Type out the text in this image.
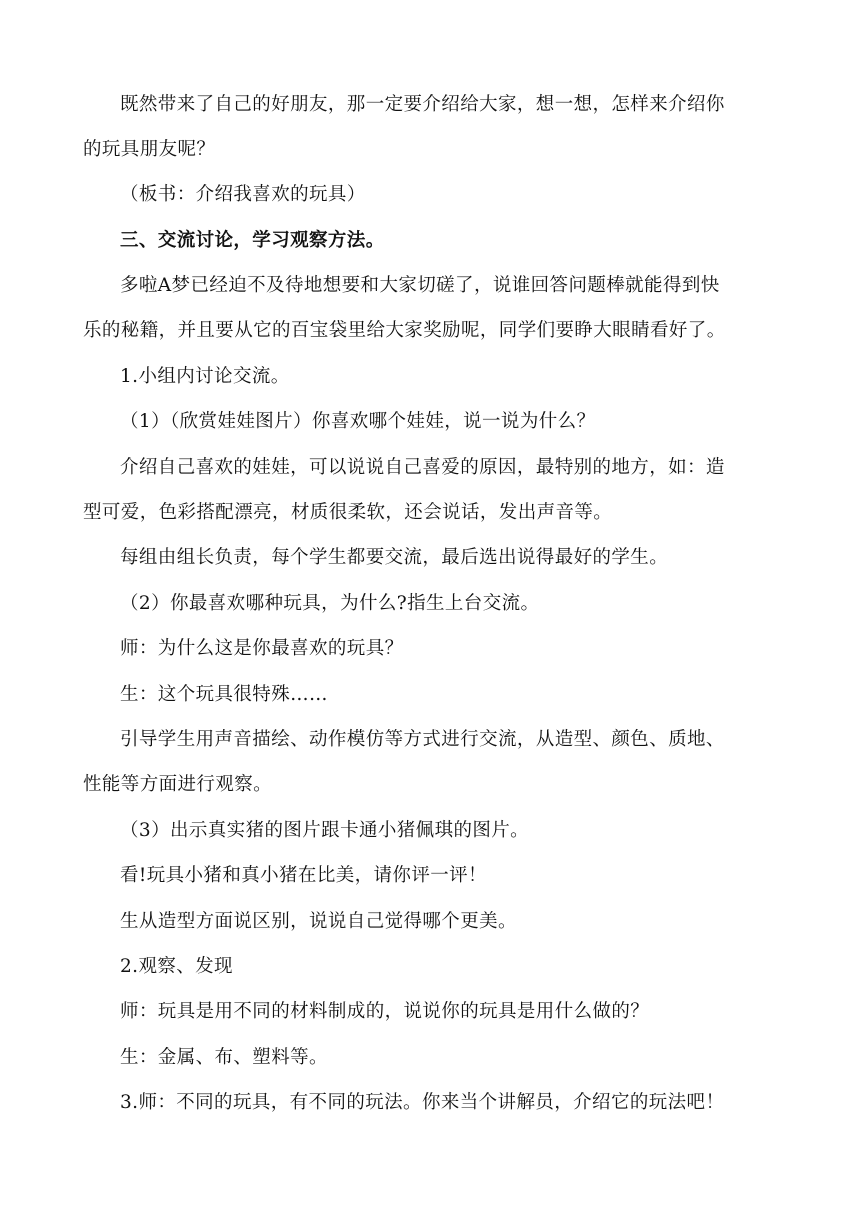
既然带来了自己的好朋友，那一定要介绍给大家，想一想，怎样来介绍你
的玩具朋友呢？
（板书：介绍我喜欢的玩具）
三、交流讨论，学习观察方法。
多啦A梦已经迫不及待地想要和大家切磋了，说谁回答问题棒就能得到快
乐的秘籍，并且要从它的百宝袋里给大家奖励呢，同学们要睁大眼睛看好了。
1.小组内讨论交流。
（1）（欣赏娃娃图片）你喜欢哪个娃娃，说一说为什么？
介绍自己喜欢的娃娃，可以说说自己喜爱的原因，最特别的地方，如：造
型可爱，色彩搭配漂亮，材质很柔软，还会说话，发出声音等。
每组由组长负责，每个学生都要交流，最后选出说得最好的学生。
（2）你最喜欢哪种玩具，为什么?指生上台交流。
师：为什么这是你最喜欢的玩具？
生：这个玩具很特殊……
引导学生用声音描绘、动作模仿等方式进行交流，从造型、颜色、质地、
性能等方面进行观察。
（3）出示真实猪的图片跟卡通小猪佩琪的图片。
看!玩具小猪和真小猪在比美，请你评一评！
生从造型方面说区别，说说自己觉得哪个更美。
2.观察、发现
师：玩具是用不同的材料制成的，说说你的玩具是用什么做的？
生：金属、布、塑料等。
3.师：不同的玩具，有不同的玩法。你来当个讲解员，介绍它的玩法吧！
